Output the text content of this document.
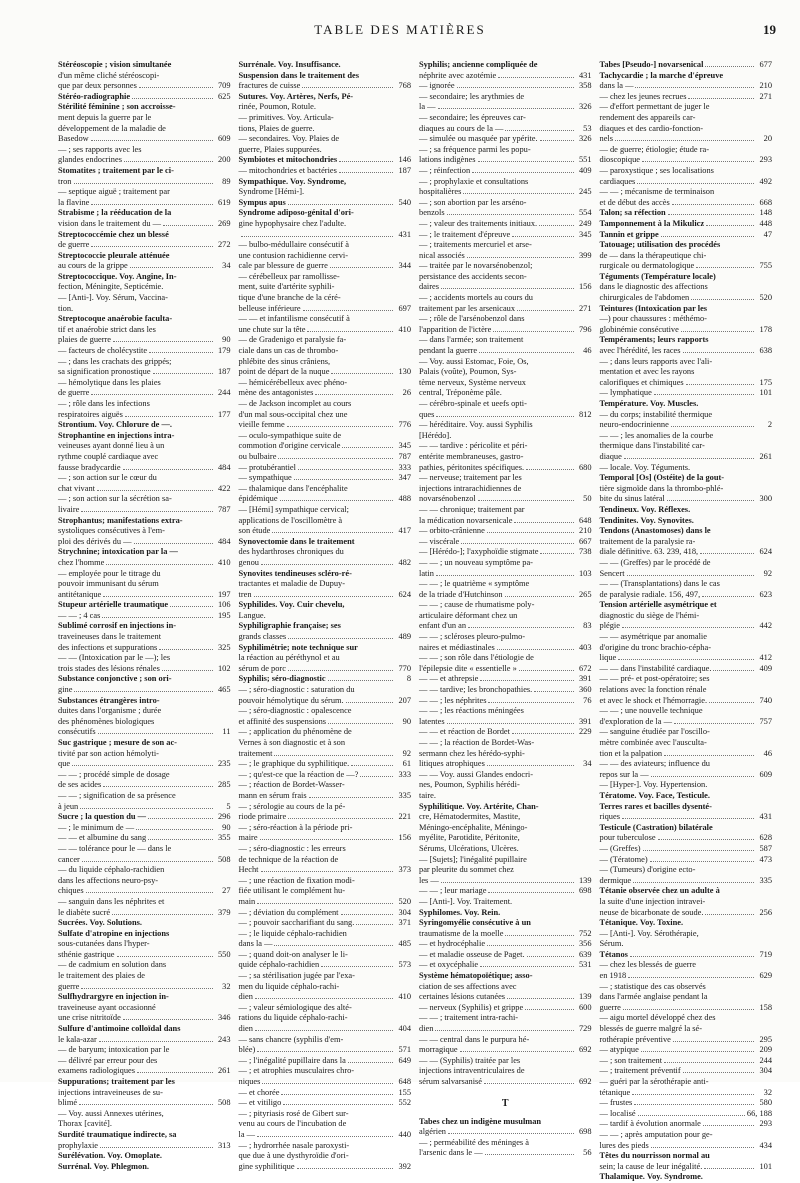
TABLE DES MATIÈRES	19
Stéréoscopie ; vision simultanée
d'un même cliché stéréoscopi-
que par deux personnes	709
Stéréo-radiographie	625
Stérilité féminine ; son accroisse-
ment depuis la guerre par le
développement de la maladie de
Basedow	609
— ; ses rapports avec les
glandes endocrines	200
Stomatites ; traitement par le ci-
tron	89
— septique aiguë ; traitement par
la flavine	619
Strabisme ; la rééducation de la
vision dans le traitement du —	269
Streptococcémie chez un blessé
de guerre	272
Streptococcie pleurale atténuée
au cours de la grippe	34
Streptococcique. Voy. Angine, In-
fection, Méningite, Septicémie.
— [Anti-]. Voy. Sérum, Vaccina-
tion.
Streptocoque anaérobie faculta-
tif et anaérobie strict dans les
plaies de guerre	90
— facteurs de cholécystite	179
— ; dans les crachats des grippés;
sa signification pronostique	187
— hémolytique dans les plaies
de guerre	244
— ; rôle dans les infections
respiratoires aiguës	177
Strontium. Voy. Chlorure de —.
Strophantine en injections intra-
veineuses ayant donné lieu à un
rythme couplé cardiaque avec
fausse bradycardie	484
— ; son action sur le cœur du
chat vivant	422
— ; son action sur la sécrétion sa-
livaire	787
Strophantus; manifestations extra-
systoliques consécutives à l'em-
ploi des dérivés du —	484
Strychnine; intoxication par la —
chez l'homme	410
— employée pour le titrage du
pouvoir immunisant du sérum
antitétanique	197
Stupeur artérielle traumatique	106
— — ; 4 cas	195
Sublimé corrosif en injections in-
traveineuses dans le traitement
des infections et suppurations	325
— — (Intoxication par le —); les
trois stades des lésions rénales	102
Substance conjonctive ; son ori-
gine	465
Substances étrangères intro-
duites dans l'organisme ; durée
des phénomènes biologiques
consécutifs	11
Suc gastrique ; mesure de son ac-
tivité par son action hémolyti-
que	235
— — ; procédé simple de dosage
de ses acides	285
— — ; signification de sa présence
à jeun	5
Sucre ; la question du —	296
— ; le minimum de —	90
— — et albumine du sang	355
— — tolérance pour le — dans le
cancer	508
— du liquide céphalo-rachidien
dans les affections neuro-psy-
chiques	27
— sanguin dans les néphrites et
le diabète sucré	379
Sucrées. Voy. Solutions.
Sulfate d'atropine en injections
sous-cutanées dans l'hyper-
sthénie gastrique	550
— de cadmium en solution dans
le traitement des plaies de
guerre	32
Sulfhydrargyre en injection in-
traveineuse ayant occasionné
une crise nitritoïde	346
Sulfure d'antimoine colloïdal dans
le kala-azar	243
— de baryum; intoxication par le
— délivré par erreur pour des
examens radiologiques	261
Suppurations; traitement par les
injections intraveineuses de su-
blimé	508
— Voy. aussi Annexes utérines,
Thorax [cavité].
Surdité traumatique indirecte, sa
prophylaxie	313
Surélévation. Voy. Omoplate.
Surrénal. Voy. Phlegmon.
Surrénale. Voy. Insuffisance.
Suspension dans le traitement des
fractures de cuisse	768
Sutures. Voy. Artères, Nerfs, Pé-
rinée, Poumon, Rotule.
— primitives. Voy. Articula-
tions, Plaies de guerre.
— secondaires. Voy. Plaies de
guerre, Plaies suppurées.
Symbiotes et mitochondries	146
— mitochondries et bactéries	187
Sympathique. Voy. Syndrome,
Syndrome [Hémi-].
Sympus apus	540
Syndrome adiposo-génital d'ori-
gine hypophysaire chez l'adulte.
431
— bulbo-médullaire consécutif à
une contusion rachidienne cervi-
cale par blessure de guerre	344
— cérébelleux par ramollisse-
ment, suite d'artérite syphili-
tique d'une branche de la céré-
belleuse inférieure	697
— — et infantilisme consécutif à
une chute sur la tête	410
— de Gradenigo et paralysie fa-
ciale dans un cas de thrombo-
phlébite des sinus crâniens,
point de départ de la nuque	130
— hémicérébelleux avec phéno-
mène des antagonistes	26
— de Jackson incomplet au cours
d'un mal sous-occipital chez une
vieille femme	776
— oculo-sympathique suite de
commotion d'origine cervicale	345
ou bulbaire	787
— protubérantiel	333
— sympathique	347
— thalamique dans l'encéphalite
épidémique	488
— [Hémi] sympathique cervical;
applications de l'oscillomètre à
son étude	417
Synovectomie dans le traitement
des hydarthroses chroniques du
genou	482
Synovites tendineuses scléro-ré-
tractantes et maladie de Dupuy-
tren	624
Syphilides. Voy. Cuir chevelu,
Langue.
Syphiligraphie française; ses
grands classes	489
Syphilimétrie; note technique sur
la réaction au péréthynol et au
sérum de porc	770
Syphilis; séro-diagnostic	8
— ; séro-diagnostic : saturation du
pouvoir hémolytique du sérum.	207
— ; séro-diagnostic : opalescence
et affinité des suspensions	90
— ; application du phénomène de
Vernes à son diagnostic et à son
traitement	92
— ; le graphique du syphilitique.	61
— ; qu'est-ce que la réaction de —?	333
— ; réaction de Bordet-Wasser-
mann en sérum frais	335
— ; sérologie au cours de la pé-
riode primaire	221
— ; séro-réaction à la période pri-
maire	156
— ; séro-diagnostic : les erreurs
de technique de la réaction de
Hecht	373
— ; une réaction de fixation modi-
fiée utilisant le complément hu-
main	520
— ; déviation du complément	304
— ; pouvoir saccharifiant du sang.	371
— ; le liquide céphalo-rachidien
dans la —	485
— ; quand doit-on analyser le li-
quide céphalo-rachidien	573
— ; sa stérilisation jugée par l'exa-
men du liquide céphalo-rachi-
dien	410
— ; valeur sémiologique des alté-
rations du liquide céphalo-rachi-
dien	404
— sans chancre (syphilis d'em-
blée)	571
— ; l'inégalité pupillaire dans la	649
— ; et atrophies musculaires chro-
niques	648
— et chorée	155
— et vitiligo	552
— ; pityriasis rosé de Gibert sur-
venu au cours de l'incubation de
la —	440
— ; hydrorrhée nasale paroxysti-
que due à une dysthyroïdie d'ori-
gine syphilitique	392
Syphilis; ancienne compliquée de
néphrite avec azotémie	431
— ignorée	358
— secondaire; les arythmies de
la —	326
— secondaire; les épreuves car-
diaques au cours de la —	53
— simulée ou masquée par ypérite.	326
— ; sa fréquence parmi les popu-
lations indigènes	551
— ; réinfection	409
— ; prophylaxie et consultations
hospitalières	245
— ; son abortion par les arséno-
benzols	554
— ; valeur des traitements initiaux.	249
— ; le traitement d'épreuve	345
— ; traitements mercuriel et arse-
nical associés	399
— traitée par le novarsénobenzol;
persistance des accidents secon-
daires	156
— ; accidents mortels au cours du
traitement par les arsenicaux	271
— ; rôle de l'arsénobenzol dans
l'apparition de l'ictère	796
— dans l'armée; son traitement
pendant la guerre	46
— Voy. aussi Estomac, Foie, Os,
Palais (voûte), Poumon, Sys-
tème nerveux, Système nerveux
central, Tréponème pâle.
— cérébro-spinale et ueefs opti-
ques	812
— héréditaire. Voy. aussi Syphilis
[Hérédo].
— — tardive : péricolite et péri-
entérite membraneuses, gastro-
pathies, péritonites spécifiques.	680
— nerveuse; traitement par les
injections intrarachidiennes de
novarsénobenzol	50
— — chronique; traitement par
la médication novarsenicale	648
— orbito-crânienne	210
— viscérale	667
— [Hérédo-]; l'axyphoïdie stigmate	738
— — ; un nouveau symptôme pa-
latin	103
— — ; le quatrième « symptôme
de la triade d'Hutchinson	265
— — ; cause de rhumatisme poly-
articulaire déformant chez un
enfant d'un an	83
— — ; scléroses pleuro-pulmo-
naires et médiastinales	403
— — ; son rôle dans l'étiologie de
l'épilepsie dite « essentielle »	672
— — et athrepsie	391
— — tardive; les bronchopathies.	360
— — ; les néphrites	76
— — ; les réactions méningées
latentes	391
— — et réaction de Bordet	229
— — ; la réaction de Bordet-Was-
sermann chez les hérédo-syphi-
litiques atrophiques	34
— — Voy. aussi Glandes endocri-
nes, Poumon, Syphilis hérédi-
taire.
Syphilitique. Voy. Artérite, Chan-
cre, Hématodermites, Mastite,
Méningo-encéphalite, Méningo-
myélite, Parotidite, Péritonite,
Sérums, Ulcérations, Ulcères.
— [Sujets]; l'inégalité pupillaire
par pleurite du sommet chez
les —	139
— — ; leur mariage	698
— [Anti-]. Voy. Traitement.
Syphilomes. Voy. Rein.
Syringomyélie consécutive à un
traumatisme de la moelle	752
— et hydrocéphalie	356
— et maladie osseuse de Paget.	639
— et oxycéphalie	531
Système hématopoïétique; asso-
ciation de ses affections avec
certaines lésions cutanées	139
— nerveux (Syphilis) et grippe	600
— — ; traitement intra-rachi-
dien	729
— — central dans le purpura hé-
morragique	692
— — (Syphilis) traitée par les
injections intraventriculaires de
sérum salvarsanisé	692
T
Tabes chez un indigène musulman
algérien	698
— ; perméabilité des méninges à
l'arsenic dans le —	56
Tabes [Pseudo-] novarsenical	677
Tachycardie ; la marche d'épreuve
dans la —	210
— chez les jeunes recrues	271
— d'effort permettant de juger le
rendement des appareils car-
diaques et des cardio-fonction-
nels	20
— de guerre; étiologie; étude ra-
dioscopique	293
— paroxystique ; ses localisations
cardiaques	492
— — ; mécanisme de terminaison
et de début des accès	668
Talon; sa réfection	148
Tamponnement à la Mikulicz	448
Tannin et grippe	47
Tatouage; utilisation des procédés
de — dans la thérapeutique chi-
rurgicale ou dermatologique	755
Téguments (Température locale)
dans le diagnostic des affections
chirurgicales de l'abdomen	520
Teintures (Intoxication par les
—) pour chaussures : méthémo-
globinémie consécutive	178
Tempéraments; leurs rapports
avec l'hérédité, les races	638
— ; dans leurs rapports avec l'ali-
mentation et avec les rayons
calorifiques et chimiques	175
— lymphatique	101
Température. Voy. Muscles.
— du corps; instabilité thermique
neuro-endocrinienne	2
— — ; les anomalies de la courbe
thermique dans l'instabilité car-
diaque	261
— locale. Voy. Téguments.
Temporal [Os] (Ostéite) de la gout-
tière sigmoïde dans la thrombo-phlé-
bite du sinus latéral	300
Tendineux. Voy. Réflexes.
Tendinites. Voy. Synovites.
Tendons (Anastomoses) dans le
traitement de la paralysie ra-
diale définitive. 63. 239, 418,	624
— — (Greffes) par le procédé de
Sencert	92
— — (Transplantations) dans le cas
de paralysie radiale. 156, 497,	623
Tension artérielle asymétrique et
diagnostic du siège de l'hémi-
plégie	442
— — asymétrique par anomalie
d'origine du tronc brachio-cépha-
lique	412
— — dans l'instabilité cardiaque.	409
— — pré- et post-opératoire; ses
relations avec la fonction rénale
et avec le shock et l'hémorragie.	740
— — ; une nouvelle technique
d'exploration de la —	757
— sanguine étudiée par l'oscillo-
mètre combinée avec l'ausculta-
tion et la palpation	46
— — des aviateurs; influence du
repos sur la —	609
— [Hyper-]. Voy. Hypertension.
Tératome. Voy. Face, Testicule.
Terres rares et bacilles dysenté-
riques	431
Testicule (Castration) bilatérale
pour tuberculose	628
— (Greffes)	587
— (Tératome)	473
— (Tumeurs) d'origine ecto-
dermique	335
Tétanie observée chez un adulte à
la suite d'une injection intravei-
neuse de bicarbonate de soude.	256
Tétanique. Voy. Toxine.
— [Anti-]. Voy. Sérothérapie,
Sérum.
Tétanos	719
— chez les blessés de guerre
en 1918	629
— ; statistique des cas observés
dans l'armée anglaise pendant la
guerre	158
— aigu mortel développé chez des
blessés de guerre malgré la sé-
rothérapie préventive	295
— atypique	209
— ; son traitement	244
— ; traitement préventif	304
— guéri par la sérothérapie anti-
tétanique	32
— frustes	580
— localisé	66, 188
— tardif à évolution anormale	293
— — ; après amputation pour ge-
lures des pieds	434
Têtes du nourrisson normal au
sein; la cause de leur inégalité.	101
Thalamique. Voy. Syndrome.
